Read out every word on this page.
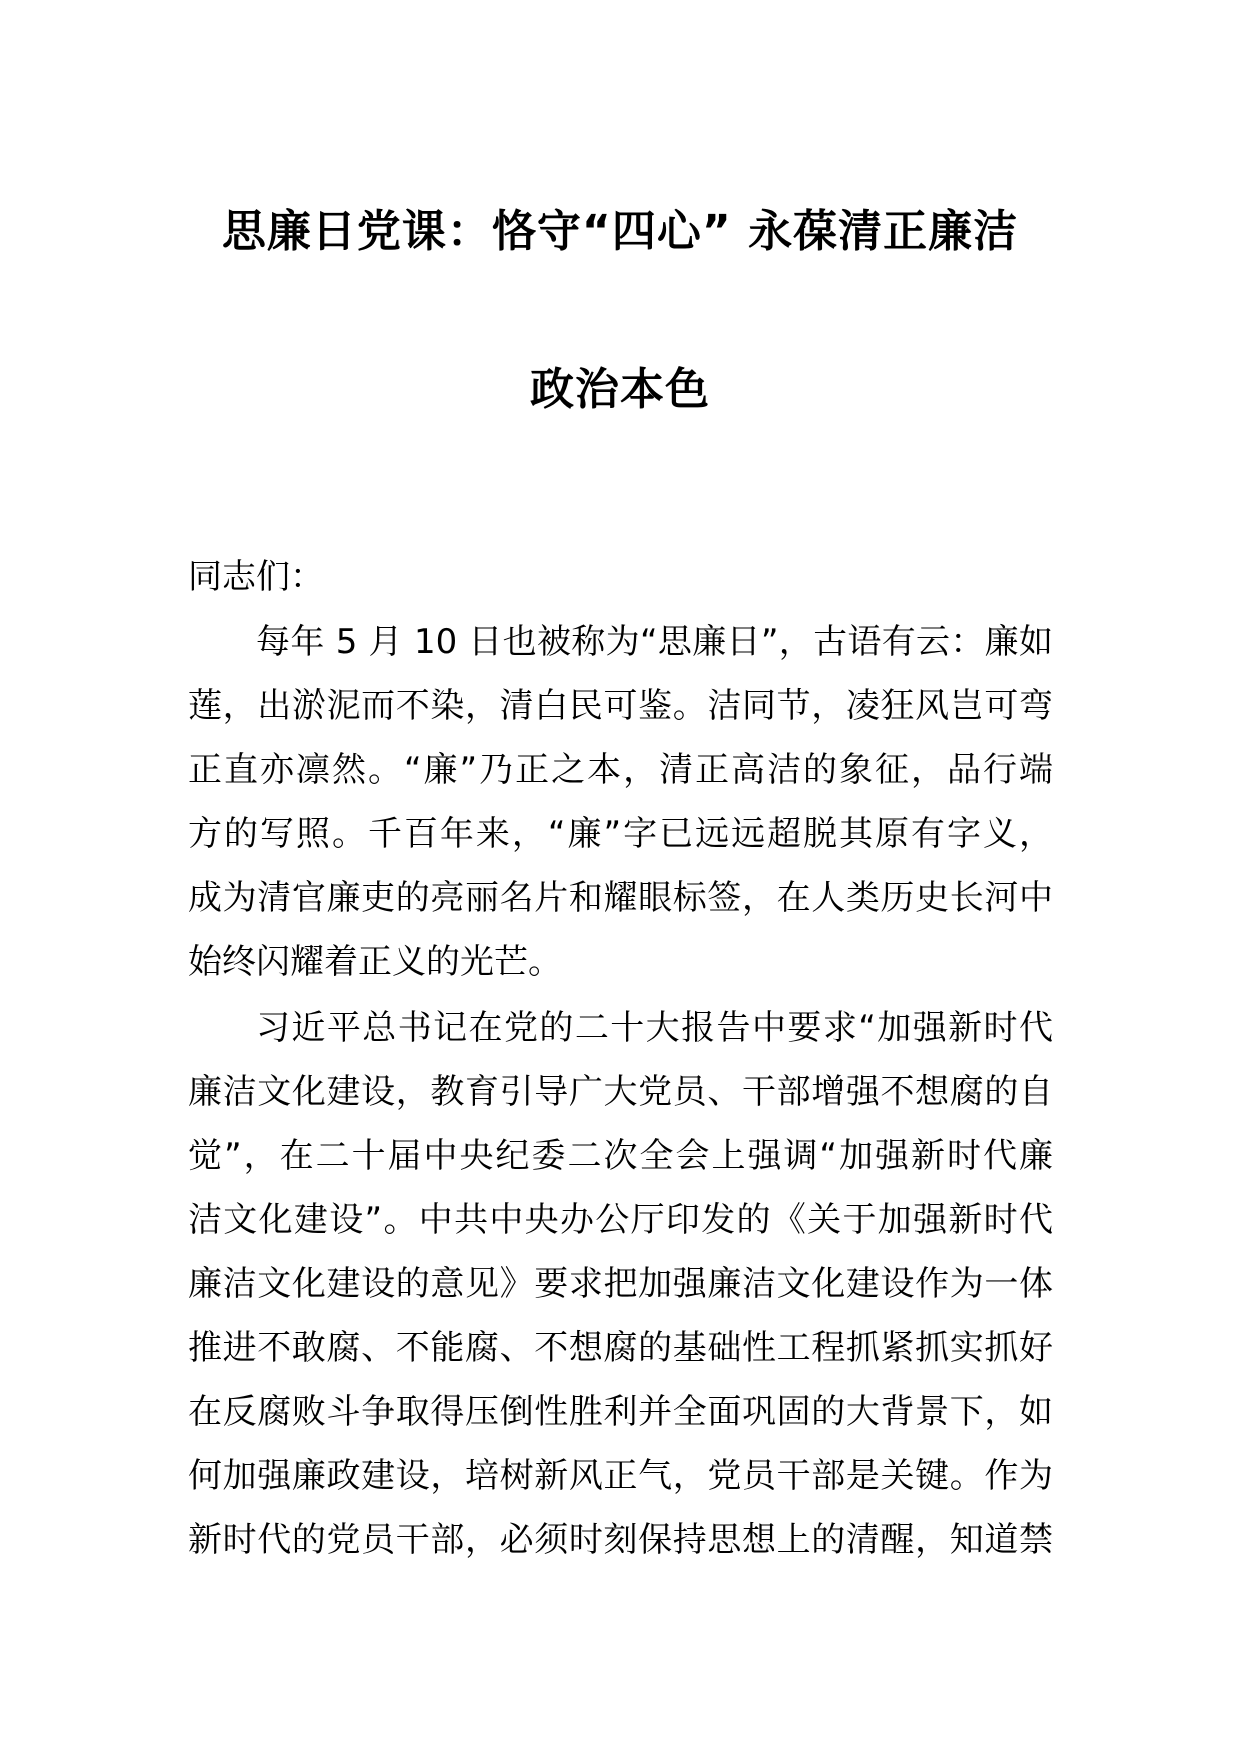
思廉日党课：恪守“四心” 永葆清正廉洁
政治本色
同志们：
每年 5 月 10 日也被称为“思廉日”，古语有云：廉如
莲，出淤泥而不染，清白民可鉴。洁同节，凌狂风岂可弯
正直亦凛然。“廉”乃正之本，清正高洁的象征，品行端
方的写照。千百年来，“廉”字已远远超脱其原有字义，
成为清官廉吏的亮丽名片和耀眼标签，在人类历史长河中
始终闪耀着正义的光芒。
习近平总书记在党的二十大报告中要求“加强新时代
廉洁文化建设，教育引导广大党员、干部增强不想腐的自
觉”，在二十届中央纪委二次全会上强调“加强新时代廉
洁文化建设”。中共中央办公厅印发的《关于加强新时代
廉洁文化建设的意见》要求把加强廉洁文化建设作为一体
推进不敢腐、不能腐、不想腐的基础性工程抓紧抓实抓好
在反腐败斗争取得压倒性胜利并全面巩固的大背景下，如
何加强廉政建设，培树新风正气，党员干部是关键。作为
新时代的党员干部，必须时刻保持思想上的清醒，知道禁
